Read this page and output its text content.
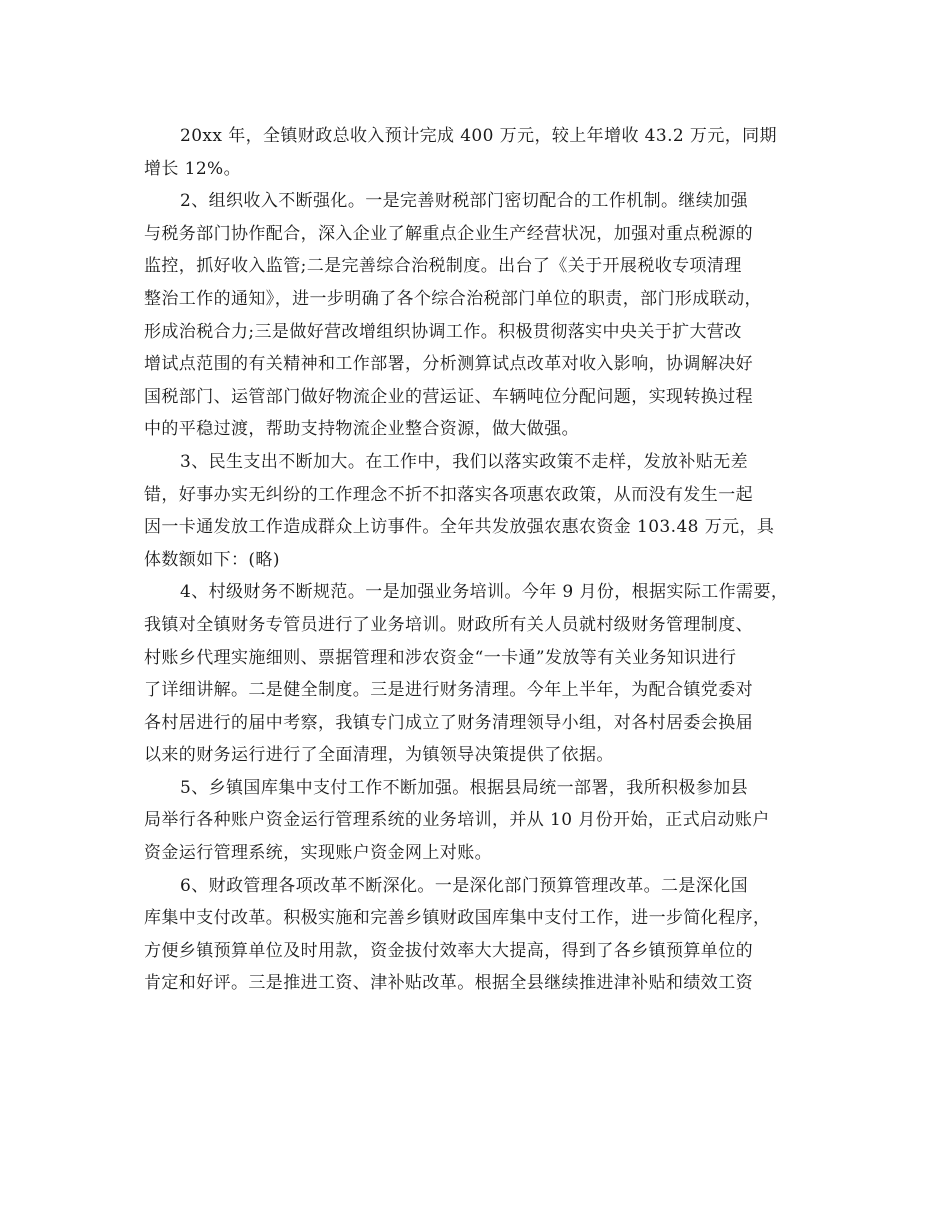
20xx 年，全镇财政总收入预计完成 400 万元，较上年增收 43.2 万元，同期
增长 12%。
2、组织收入不断强化。一是完善财税部门密切配合的工作机制。继续加强
与税务部门协作配合，深入企业了解重点企业生产经营状况，加强对重点税源的
监控，抓好收入监管;二是完善综合治税制度。出台了《关于开展税收专项清理
整治工作的通知》，进一步明确了各个综合治税部门单位的职责，部门形成联动，
形成治税合力;三是做好营改增组织协调工作。积极贯彻落实中央关于扩大营改
增试点范围的有关精神和工作部署，分析测算试点改革对收入影响，协调解决好
国税部门、运管部门做好物流企业的营运证、车辆吨位分配问题，实现转换过程
中的平稳过渡，帮助支持物流企业整合资源，做大做强。
3、民生支出不断加大。在工作中，我们以落实政策不走样，发放补贴无差
错，好事办实无纠纷的工作理念不折不扣落实各项惠农政策，从而没有发生一起
因一卡通发放工作造成群众上访事件。全年共发放强农惠农资金 103.48 万元，具
体数额如下：(略)
4、村级财务不断规范。一是加强业务培训。今年 9 月份，根据实际工作需要，
我镇对全镇财务专管员进行了业务培训。财政所有关人员就村级财务管理制度、
村账乡代理实施细则、票据管理和涉农资金“一卡通”发放等有关业务知识进行
了详细讲解。二是健全制度。三是进行财务清理。今年上半年，为配合镇党委对
各村居进行的届中考察，我镇专门成立了财务清理领导小组，对各村居委会换届
以来的财务运行进行了全面清理，为镇领导决策提供了依据。
5、乡镇国库集中支付工作不断加强。根据县局统一部署，我所积极参加县
局举行各种账户资金运行管理系统的业务培训，并从 10 月份开始，正式启动账户
资金运行管理系统，实现账户资金网上对账。
6、财政管理各项改革不断深化。一是深化部门预算管理改革。二是深化国
库集中支付改革。积极实施和完善乡镇财政国库集中支付工作，进一步简化程序，
方便乡镇预算单位及时用款，资金拔付效率大大提高，得到了各乡镇预算单位的
肯定和好评。三是推进工资、津补贴改革。根据全县继续推进津补贴和绩效工资
